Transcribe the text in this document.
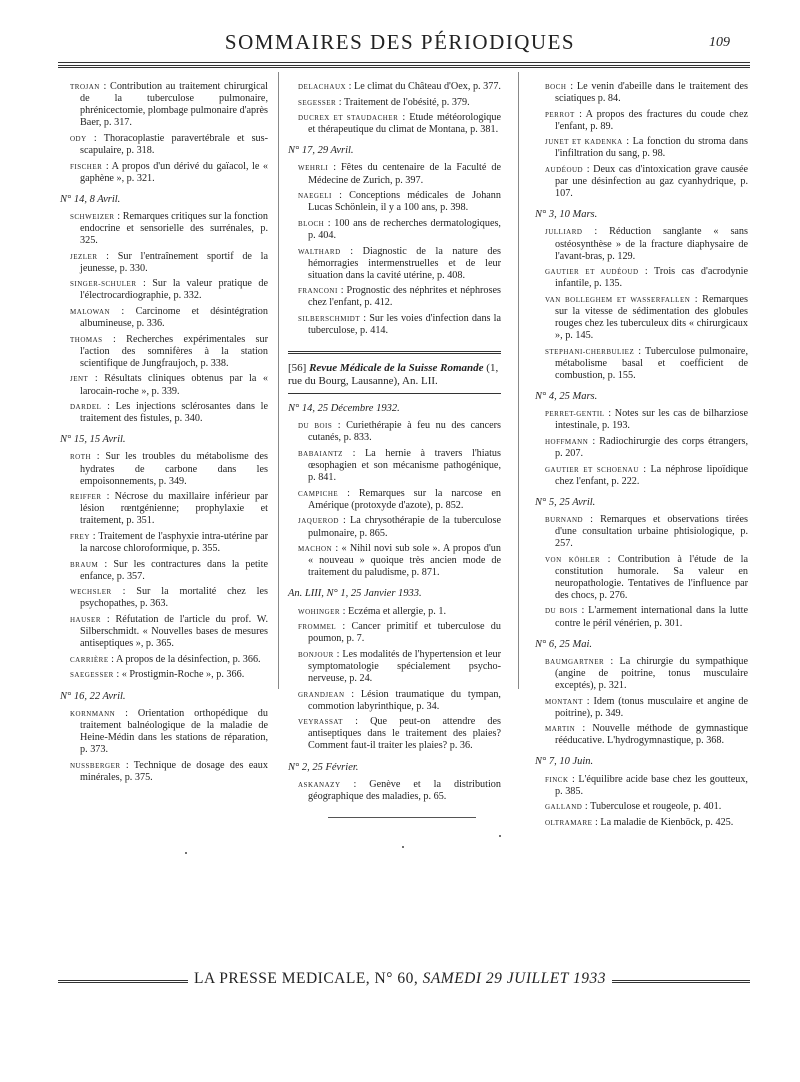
SOMMAIRES DES PÉRIODIQUES	109
TROJAN : Contribution au traitement chirurgical de la tuberculose pulmonaire, phrénicectomie, plombage pulmonaire d'après Baer, p. 317.
ODY : Thoracoplastie paravertébrale et sus-scapulaire, p. 318.
FISCHER : A propos d'un dérivé du gaïacol, le « gaphène », p. 321.
N° 14, 8 Avril.
SCHWEIZER : Remarques critiques sur la fonction endocrine et sensorielle des surrénales, p. 325.
JEZLER : Sur l'entraînement sportif de la jeunesse, p. 330.
SINGER-SCHULER : Sur la valeur pratique de l'électrocardiographie, p. 332.
MALOWAN : Carcinome et désintégration albumineuse, p. 336.
THOMAS : Recherches expérimentales sur l'action des somnifères à la station scientifique de Jungfraujoch, p. 338.
JENT : Résultats cliniques obtenus par la « larocain-roche », p. 339.
DARDEL : Les injections sclérosantes dans le traitement des fistules, p. 340.
N° 15, 15 Avril.
ROTH : Sur les troubles du métabolisme des hydrates de carbone dans les empoisonnements, p. 349.
REIFFER : Nécrose du maxillaire inférieur par lésion rœntgénienne; prophylaxie et traitement, p. 351.
FREY : Traitement de l'asphyxie intra-utérine par la narcose chloroformique, p. 355.
BRAUM : Sur les contractures dans la petite enfance, p. 357.
WECHSLER : Sur la mortalité chez les psychopathes, p. 363.
HAUSER : Réfutation de l'article du prof. W. Silberschmidt. « Nouvelles bases de mesures antiseptiques », p. 365.
CARRIÈRE : A propos de la désinfection, p. 366.
SAEGESSER : « Prostigmin-Roche », p. 366.
N° 16, 22 Avril.
KORNMANN : Orientation orthopédique du traitement balnéologique de la maladie de Heine-Médin dans les stations de réparation, p. 373.
NUSSBERGER : Technique de dosage des eaux minérales, p. 375.
DELACHAUX : Le climat du Château d'Oex, p. 377.
SEGESSER : Traitement de l'obésité, p. 379.
DUCREX ET STAUDACHER : Etude météorologique et thérapeutique du climat de Montana, p. 381.
N° 17, 29 Avril.
WEHRLI : Fêtes du centenaire de la Faculté de Médecine de Zurich, p. 397.
NAEGELI : Conceptions médicales de Johann Lucas Schönlein, il y a 100 ans, p. 398.
BLOCH : 100 ans de recherches dermatologiques, p. 404.
WALTHARD : Diagnostic de la nature des hémorragies intermenstruelles et de leur situation dans la cavité utérine, p. 408.
FRANCONI : Prognostic des néphrites et néphroses chez l'enfant, p. 412.
SILBERSCHMIDT : Sur les voies d'infection dans la tuberculose, p. 414.
[56] Revue Médicale de la Suisse Romande (1, rue du Bourg, Lausanne), An. LII.
N° 14, 25 Décembre 1932.
DU BOIS : Curiethérapie à feu nu des cancers cutanés, p. 833.
BABAIANTZ : La hernie à travers l'hiatus œsophagien et son mécanisme pathogénique, p. 841.
CAMPICHE : Remarques sur la narcose en Amérique (protoxyde d'azote), p. 852.
JAQUEROD : La chrysothérapie de la tuberculose pulmonaire, p. 865.
MACHON : « Nihil novi sub sole ». A propos d'un « nouveau » quoique très ancien mode de traitement du paludisme, p. 871.
An. LIII, N° 1, 25 Janvier 1933.
WOHINGER : Eczéma et allergie, p. 1.
FROMMEL : Cancer primitif et tuberculose du poumon, p. 7.
BONJOUR : Les modalités de l'hypertension et leur symptomatologie spécialement psycho-nerveuse, p. 24.
GRANDJEAN : Lésion traumatique du tympan, commotion labyrinthique, p. 34.
VEYRASSAT : Que peut-on attendre des antiseptiques dans le traitement des plaies? Comment faut-il traiter les plaies? p. 36.
N° 2, 25 Février.
ASKANAZY : Genève et la distribution géographique des maladies, p. 65.
BOCH : Le venin d'abeille dans le traitement des sciatiques p. 84.
PERROT : A propos des fractures du coude chez l'enfant, p. 89.
JUNET ET KADENKA : La fonction du stroma dans l'infiltration du sang, p. 98.
AUDÉOUD : Deux cas d'intoxication grave causée par une désinfection au gaz cyanhydrique, p. 107.
N° 3, 10 Mars.
JULLIARD : Réduction sanglante « sans ostéosynthèse » de la fracture diaphysaire de l'avant-bras, p. 129.
GAUTIER ET AUDÉOUD : Trois cas d'acrodynie infantile, p. 135.
VAN BOLLEGHEM ET WASSERFALLEN : Remarques sur la vitesse de sédimentation des globules rouges chez les tuberculeux dits « chirurgicaux », p. 145.
STEPHANI-CHERBULIEZ : Tuberculose pulmonaire, métabolisme basal et coefficient de combustion, p. 155.
N° 4, 25 Mars.
PERRET-GENTIL : Notes sur les cas de bilharziose intestinale, p. 193.
HOFFMANN : Radiochirurgie des corps étrangers, p. 207.
GAUTIER ET SCHOENAU : La néphrose lipoïdique chez l'enfant, p. 222.
N° 5, 25 Avril.
BURNAND : Remarques et observations tirées d'une consultation urbaine phtisiologique, p. 257.
VON KÖHLER : Contribution à l'étude de la constitution humorale. Sa valeur en neuropathologie. Tentatives de l'influence par des chocs, p. 276.
DU BOIS : L'armement international dans la lutte contre le péril vénérien, p. 301.
N° 6, 25 Mai.
BAUMGARTNER : La chirurgie du sympathique (angine de poitrine, tonus musculaire exceptés), p. 321.
MONTANT : Idem (tonus musculaire et angine de poitrine), p. 349.
MARTIN : Nouvelle méthode de gymnastique rééducative. L'hydrogymnastique, p. 368.
N° 7, 10 Juin.
FINCK : L'équilibre acide base chez les goutteux, p. 385.
GALLAND : Tuberculose et rougeole, p. 401.
OLTRAMARE : La maladie de Kienböck, p. 425.
LA PRESSE MEDICALE, N° 60, SAMEDI 29 JUILLET 1933
